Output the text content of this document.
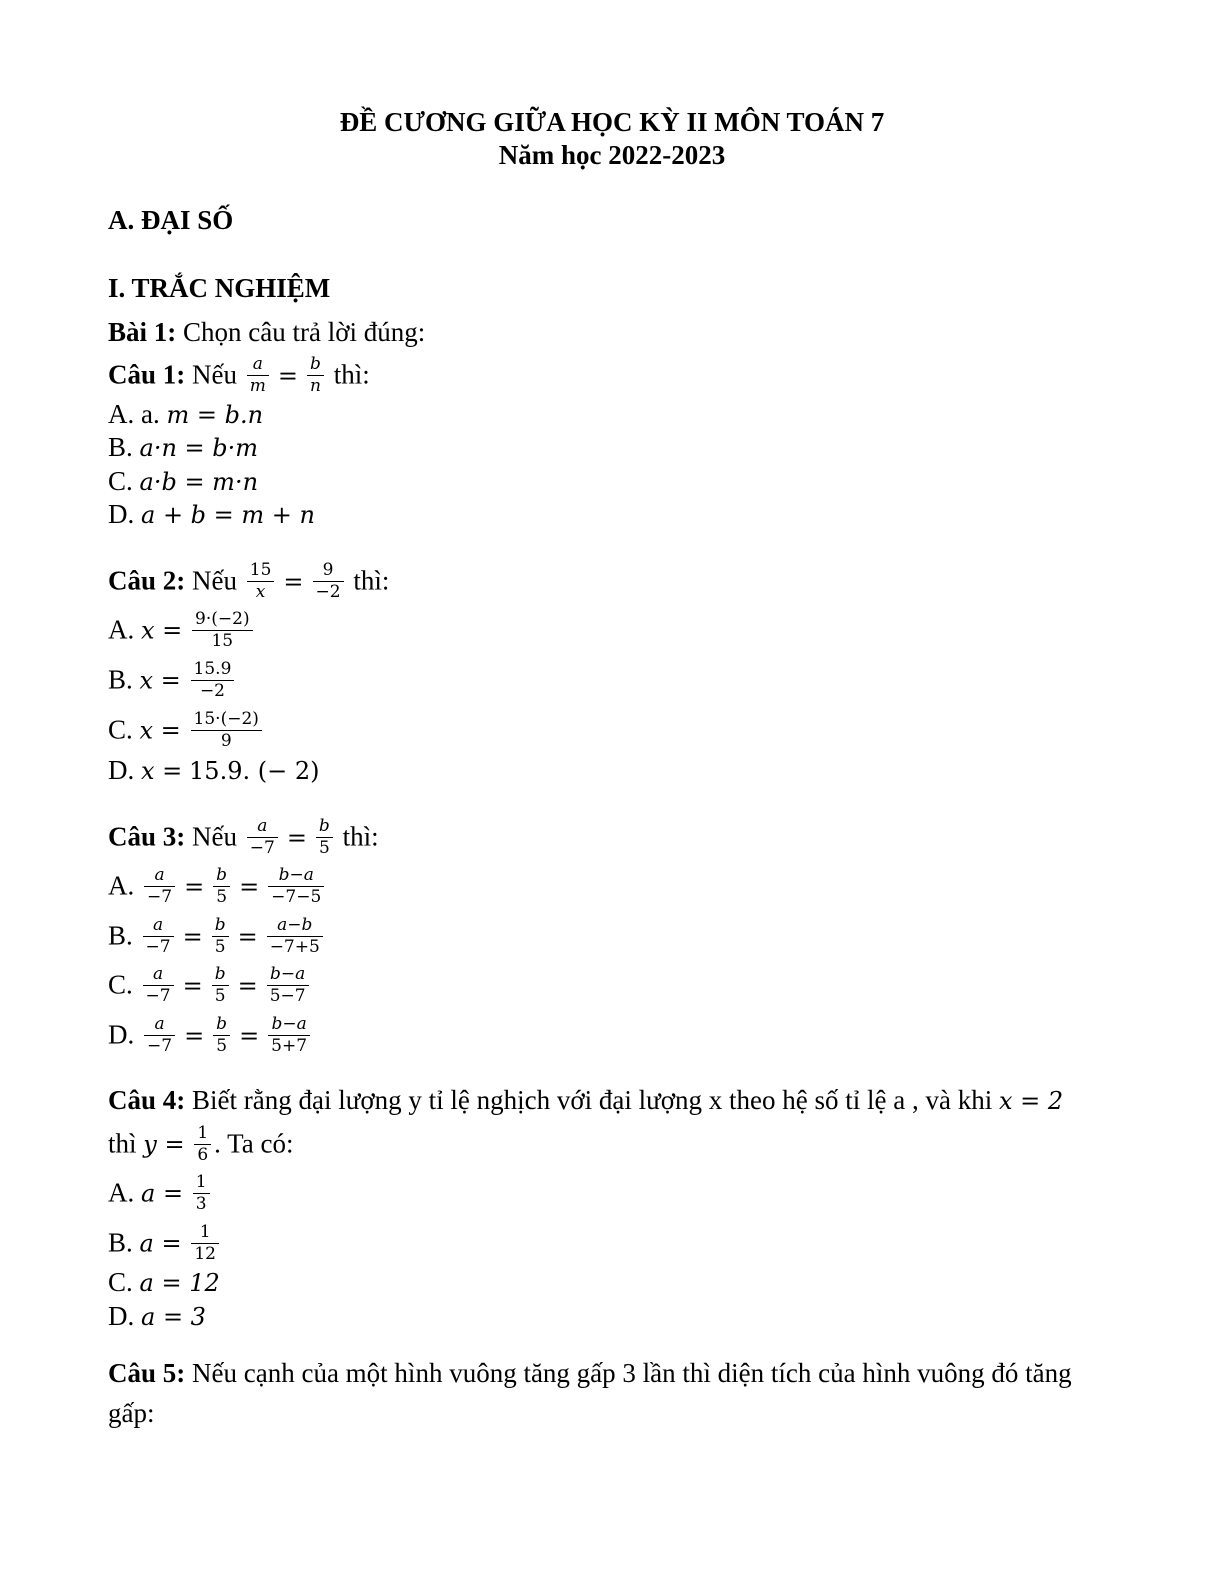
ĐỀ CƯƠNG GIỮA HỌC KỲ II MÔN TOÁN 7
Năm học 2022-2023
A. ĐẠI SỐ
I. TRẮC NGHIỆM
Bài 1: Chọn câu trả lời đúng:
Câu 1: Nếu $\frac{a}{m} = \frac{b}{n}$ thì:
A. a. m = b.n
B. a·n = b·m
C. a·b = m·n
D. a + b = m + n
Câu 2: Nếu $\frac{15}{x} = \frac{9}{-2}$ thì:
A. $x = \frac{9\cdot(-2)}{15}$
B. $x = \frac{15.9}{-2}$
C. $x = \frac{15\cdot(-2)}{9}$
D. x = 15.9. (− 2)
Câu 3: Nếu $\frac{a}{-7} = \frac{b}{5}$ thì:
A. $\frac{a}{-7} = \frac{b}{5} = \frac{b-a}{-7-5}$
B. $\frac{a}{-7} = \frac{b}{5} = \frac{a-b}{-7+5}$
C. $\frac{a}{-7} = \frac{b}{5} = \frac{b-a}{5-7}$
D. $\frac{a}{-7} = \frac{b}{5} = \frac{b-a}{5+7}$
Câu 4: Biết rằng đại lượng y tỉ lệ nghịch với đại lượng x theo hệ số tỉ lệ a , và khi x = 2
thì $y = \frac{1}{6}$ . Ta có:
A. $a = \frac{1}{3}$
B. $a = \frac{1}{12}$
C. a = 12
D. a = 3
Câu 5: Nếu cạnh của một hình vuông tăng gấp 3 lần thì diện tích của hình vuông đó tăng gấp:
